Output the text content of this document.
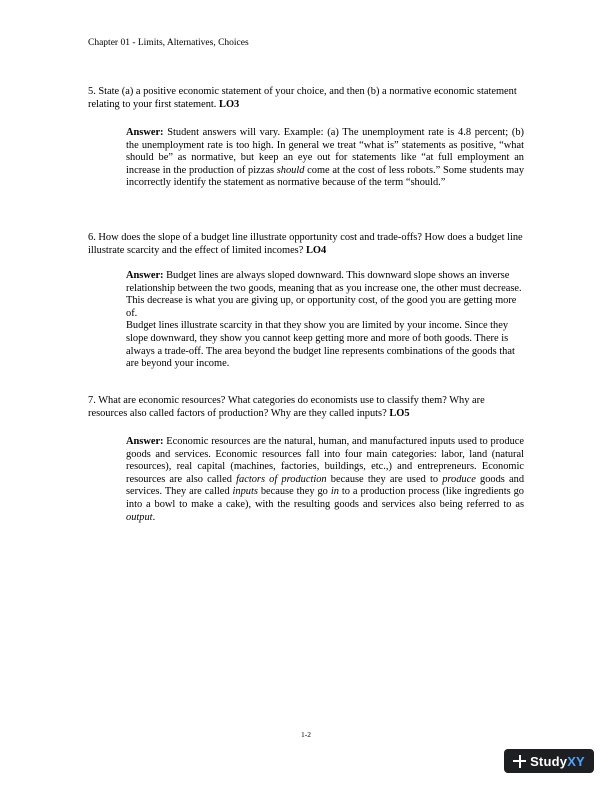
Chapter 01 - Limits, Alternatives, Choices
5. State (a) a positive economic statement of your choice, and then (b) a normative economic statement relating to your first statement. LO3
Answer: Student answers will vary. Example: (a) The unemployment rate is 4.8 percent; (b) the unemployment rate is too high. In general we treat “what is” statements as positive, “what should be” as normative, but keep an eye out for statements like “at full employment an increase in the production of pizzas should come at the cost of less robots.” Some students may incorrectly identify the statement as normative because of the term “should.”
6. How does the slope of a budget line illustrate opportunity cost and trade-offs? How does a budget line illustrate scarcity and the effect of limited incomes? LO4

Answer: Budget lines are always sloped downward. This downward slope shows an inverse relationship between the two goods, meaning that as you increase one, the other must decrease. This decrease is what you are giving up, or opportunity cost, of the good you are getting more of.

Budget lines illustrate scarcity in that they show you are limited by your income. Since they slope downward, they show you cannot keep getting more and more of both goods. There is always a trade-off. The area beyond the budget line represents combinations of the goods that are beyond your income.

7. What are economic resources? What categories do economists use to classify them? Why are resources also called factors of production? Why are they called inputs? LO5
Answer: Economic resources are the natural, human, and manufactured inputs used to produce goods and services. Economic resources fall into four main categories: labor, land (natural resources), real capital (machines, factories, buildings, etc.,) and entrepreneurs. Economic resources are also called factors of production because they are used to produce goods and services. They are called inputs because they go in to a production process (like ingredients go into a bowl to make a cake), with the resulting goods and services also being referred to as output.
1-2
StudyXY
